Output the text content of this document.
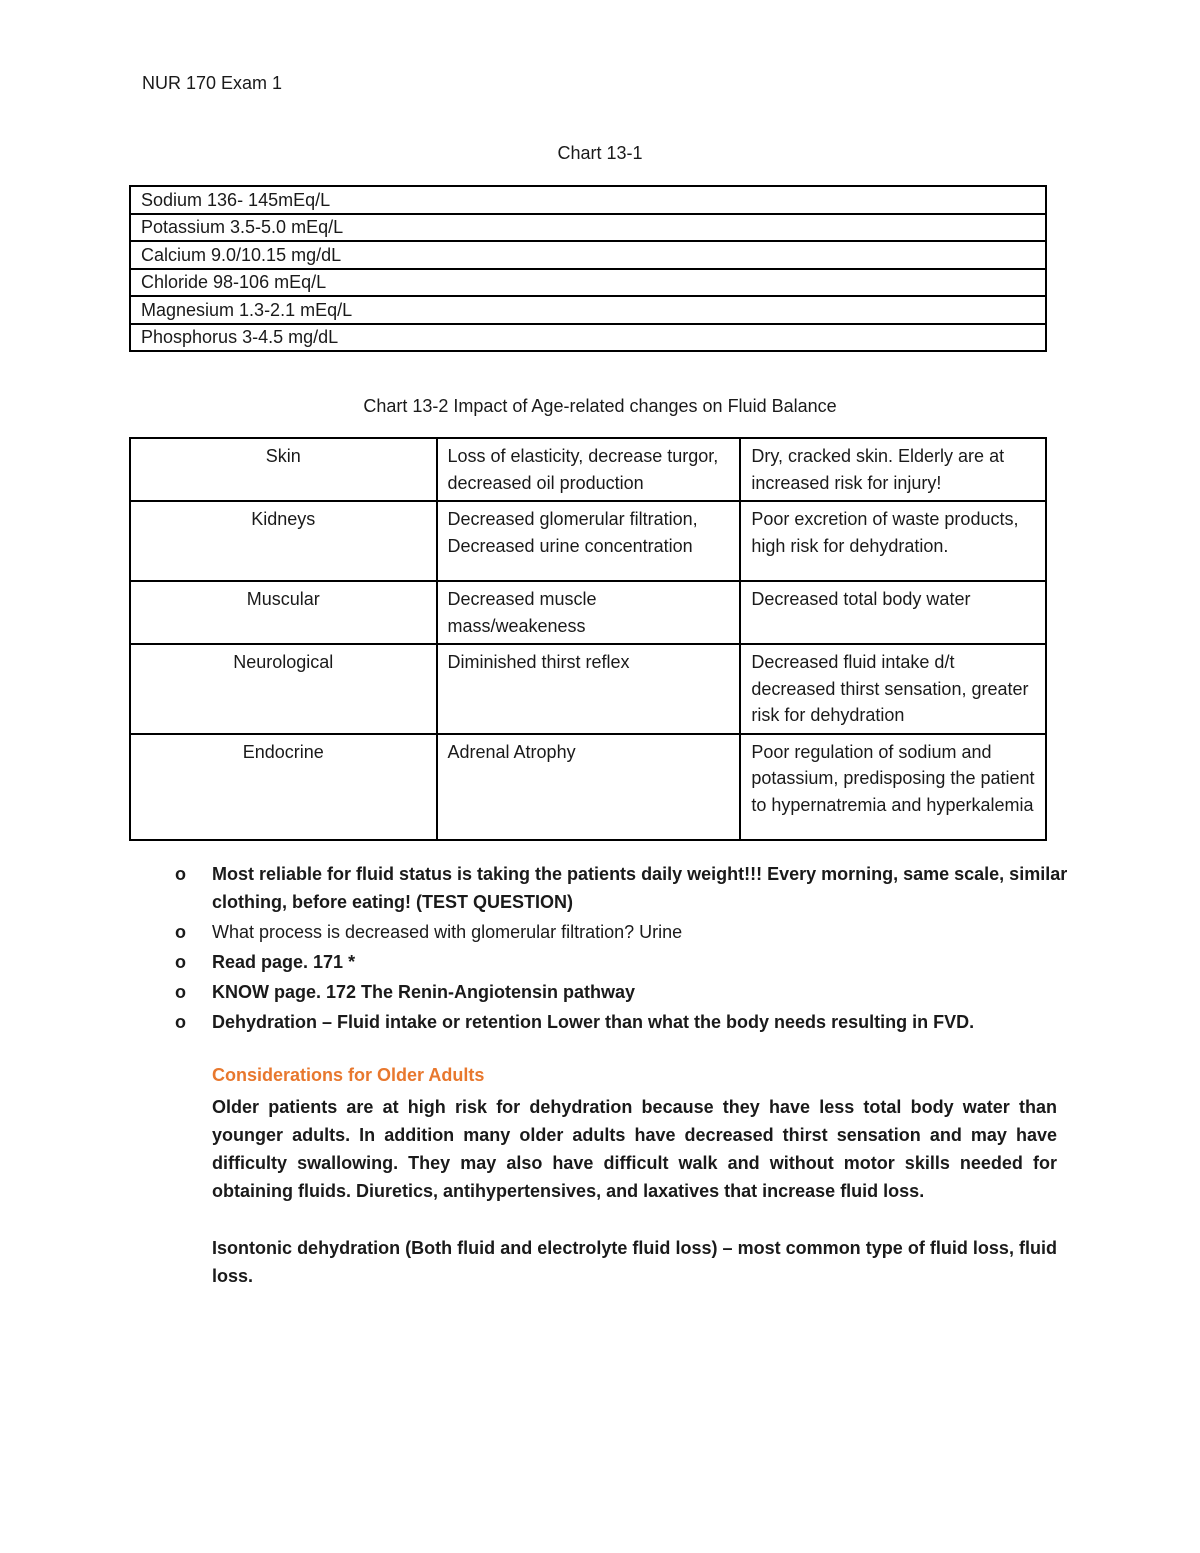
NUR 170 Exam 1
Chart 13-1
Sodium 136- 145mEq/L
Potassium 3.5-5.0 mEq/L
Calcium 9.0/10.15 mg/dL
Chloride 98-106 mEq/L
Magnesium 1.3-2.1 mEq/L
Phosphorus 3-4.5 mg/dL
Chart 13-2 Impact of Age-related changes on Fluid Balance
Skin	Loss of elasticity, decrease turgor, decreased oil production	Dry, cracked skin. Elderly are at increased risk for injury!
Kidneys	Decreased glomerular filtration, Decreased urine concentration	Poor excretion of waste products, high risk for dehydration.
Muscular	Decreased muscle mass/weakeness	Decreased total body water
Neurological	Diminished thirst reflex	Decreased fluid intake d/t decreased thirst sensation, greater risk for dehydration
Endocrine	Adrenal Atrophy	Poor regulation of sodium and potassium, predisposing the patient to hypernatremia and hyperkalemia
o Most reliable for fluid status is taking the patients daily weight!!! Every morning, same scale, similar clothing, before eating! (TEST QUESTION)
o What process is decreased with glomerular filtration? Urine
o Read page. 171 *
o KNOW page. 172 The Renin-Angiotensin pathway
o Dehydration – Fluid intake or retention Lower than what the body needs resulting in FVD.
Considerations for Older Adults

Older patients are at high risk for dehydration because they have less total body water than younger adults. In addition many older adults have decreased thirst sensation and may have difficulty swallowing. They may also have difficult walk and without motor skills needed for obtaining fluids. Diuretics, antihypertensives, and laxatives that increase fluid loss.

Isontonic dehydration (Both fluid and electrolyte fluid loss) – most common type of fluid loss, fluid loss.
